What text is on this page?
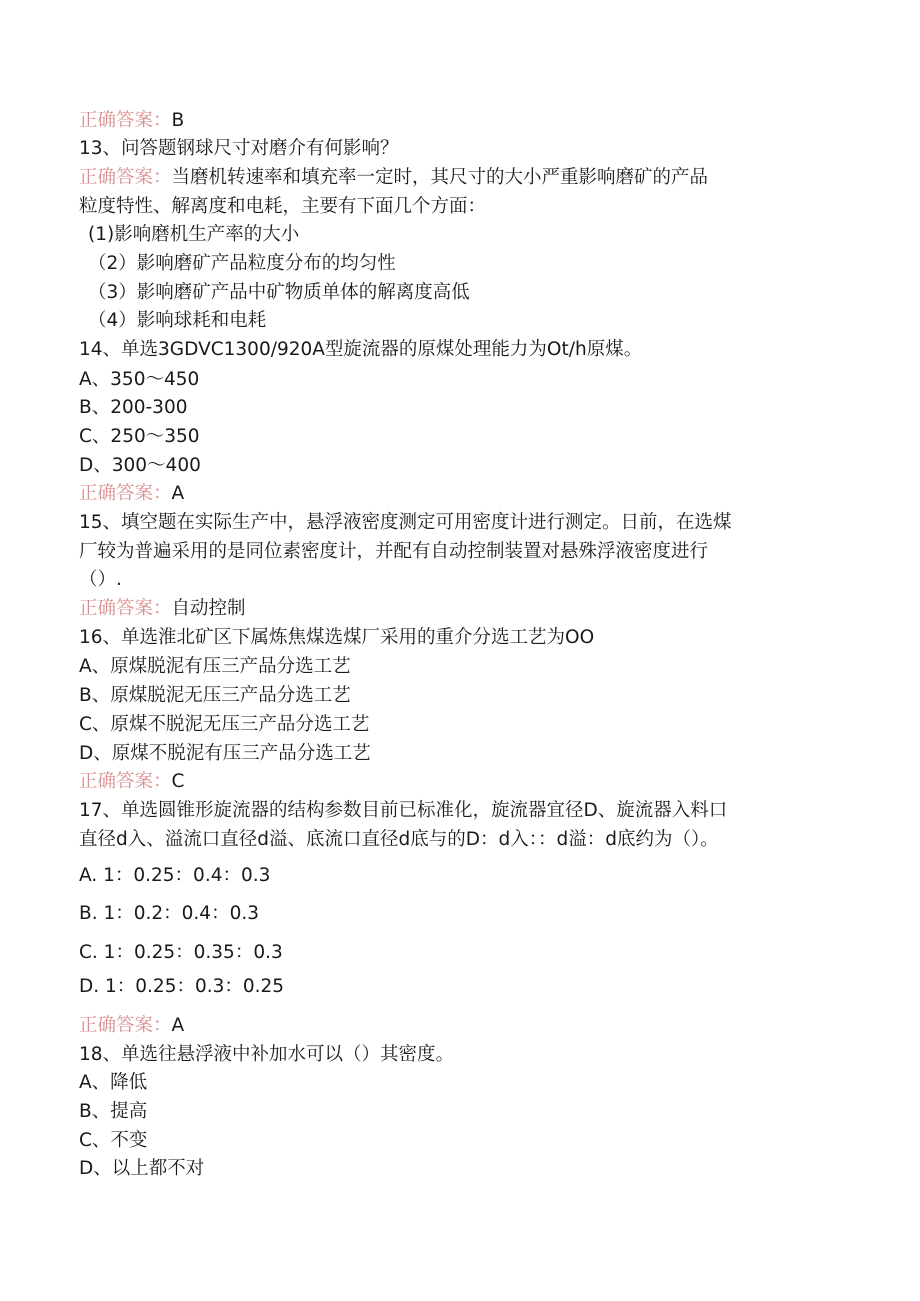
正确答案：B
13、问答题钢球尺寸对磨介有何影响？
正确答案：当磨机转速率和填充率一定时，其尺寸的大小严重影响磨矿的产品
粒度特性、解离度和电耗，主要有下面几个方面：
(1)影响磨机生产率的大小
（2）影响磨矿产品粒度分布的均匀性
（3）影响磨矿产品中矿物质单体的解离度高低
（4）影响球耗和电耗
14、单选3GDVC1300/920A型旋流器的原煤处理能力为Ot/h原煤。
A、350～450
B、200-300
C、250～350
D、300～400
正确答案：A
15、填空题在实际生产中，悬浮液密度测定可用密度计进行测定。日前，在选煤
厂较为普遍采用的是同位素密度计，并配有自动控制装置对悬殊浮液密度进行
（）.
正确答案：自动控制
16、单选淮北矿区下属炼焦煤选煤厂采用的重介分选工艺为OO
A、原煤脱泥有压三产品分选工艺
B、原煤脱泥无压三产品分选工艺
C、原煤不脱泥无压三产品分选工艺
D、原煤不脱泥有压三产品分选工艺
正确答案：C
17、单选圆锥形旋流器的结构参数目前已标准化，旋流器宜径D、旋流器入料口
直径d入、溢流口直径d溢、底流口直径d底与的D：d入：：d溢：d底约为（）。
A. 1：0.25：0.4：0.3
B. 1：0.2：0.4：0.3
C. 1：0.25：0.35：0.3
D. 1：0.25：0.3：0.25
正确答案：A
18、单选往悬浮液中补加水可以（）其密度。
A、降低
B、提高
C、不变
D、以上都不对
